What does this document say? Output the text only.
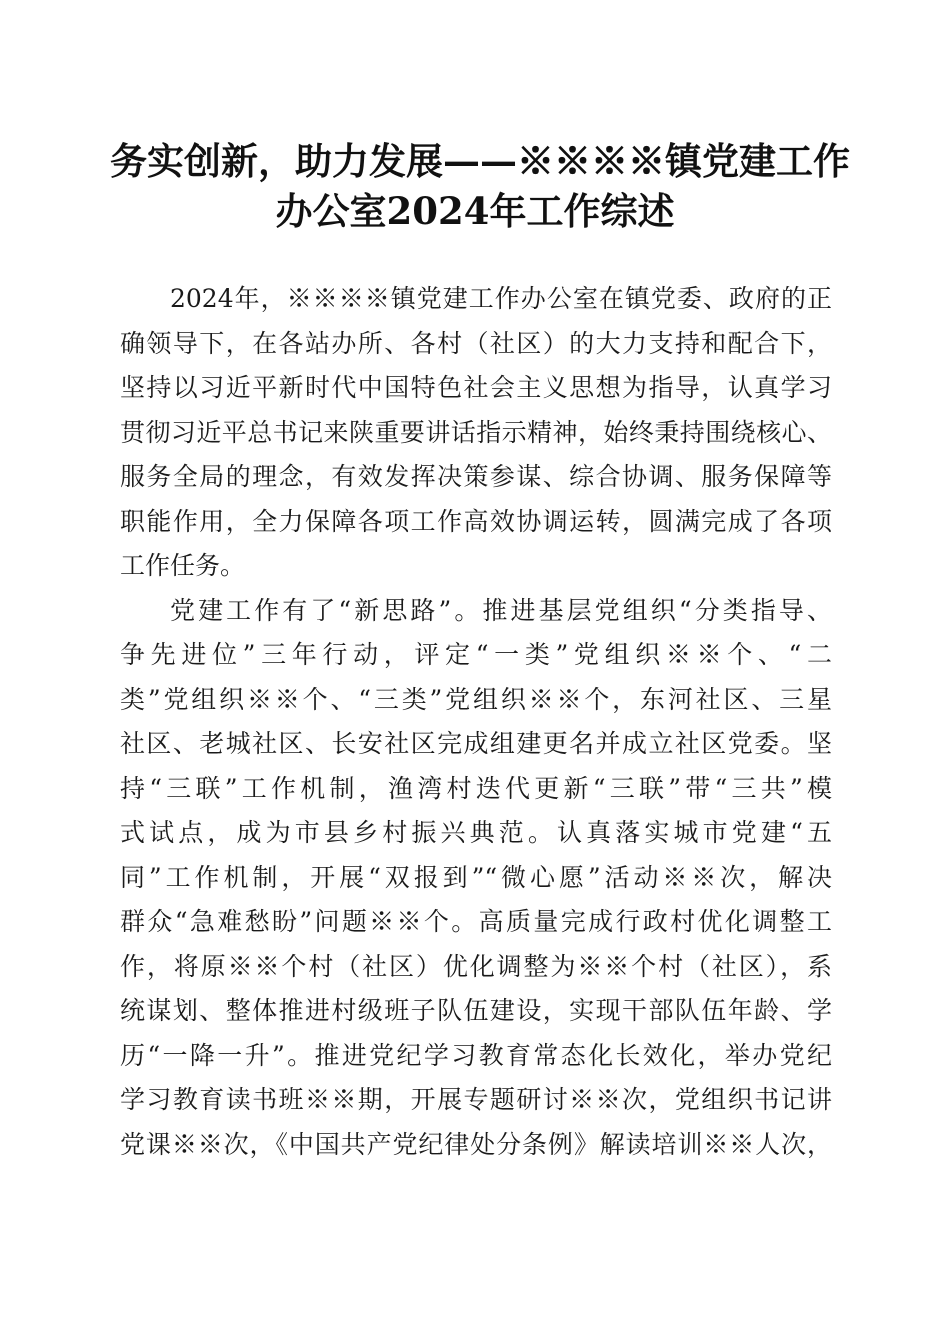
务实创新，助力发展——※※※※镇党建工作
办公室2024年工作综述
2024年，※※※※镇党建工作办公室在镇党委、政府的正
确领导下，在各站办所、各村（社区）的大力支持和配合下，
坚持以习近平新时代中国特色社会主义思想为指导，认真学习
贯彻习近平总书记来陕重要讲话指示精神，始终秉持围绕核心、
服务全局的理念，有效发挥决策参谋、综合协调、服务保障等
职能作用，全力保障各项工作高效协调运转，圆满完成了各项
工作任务。
党建工作有了“新思路”。推进基层党组织“分类指导、
争先进位”三年行动，评定“一类”党组织※※个、“二
类”党组织※※个、“三类”党组织※※个，东河社区、三星
社区、老城社区、长安社区完成组建更名并成立社区党委。坚
持“三联”工作机制，渔湾村迭代更新“三联”带“三共”模
式试点，成为市县乡村振兴典范。认真落实城市党建“五
同”工作机制，开展“双报到”“微心愿”活动※※次，解决
群众“急难愁盼”问题※※个。高质量完成行政村优化调整工
作，将原※※个村（社区）优化调整为※※个村（社区），系
统谋划、整体推进村级班子队伍建设，实现干部队伍年龄、学
历“一降一升”。推进党纪学习教育常态化长效化，举办党纪
学习教育读书班※※期，开展专题研讨※※次，党组织书记讲
党课※※次，《中国共产党纪律处分条例》解读培训※※人次，
